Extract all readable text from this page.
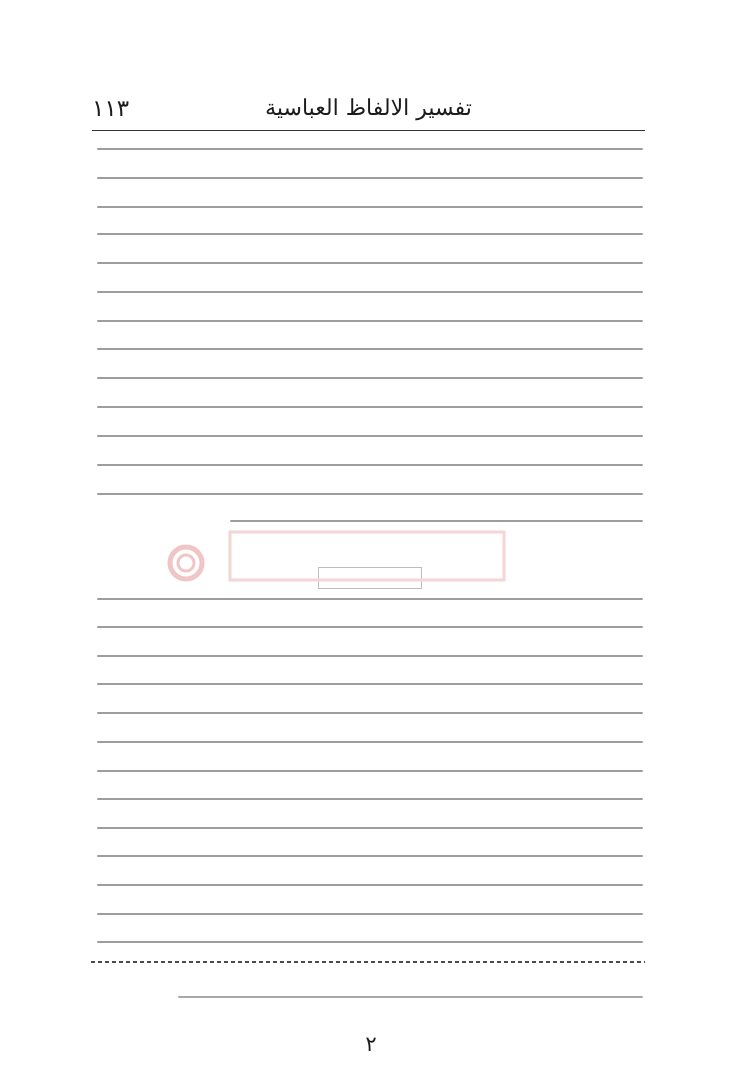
١١٣	تفسير الالفاظ العباسية
٢
